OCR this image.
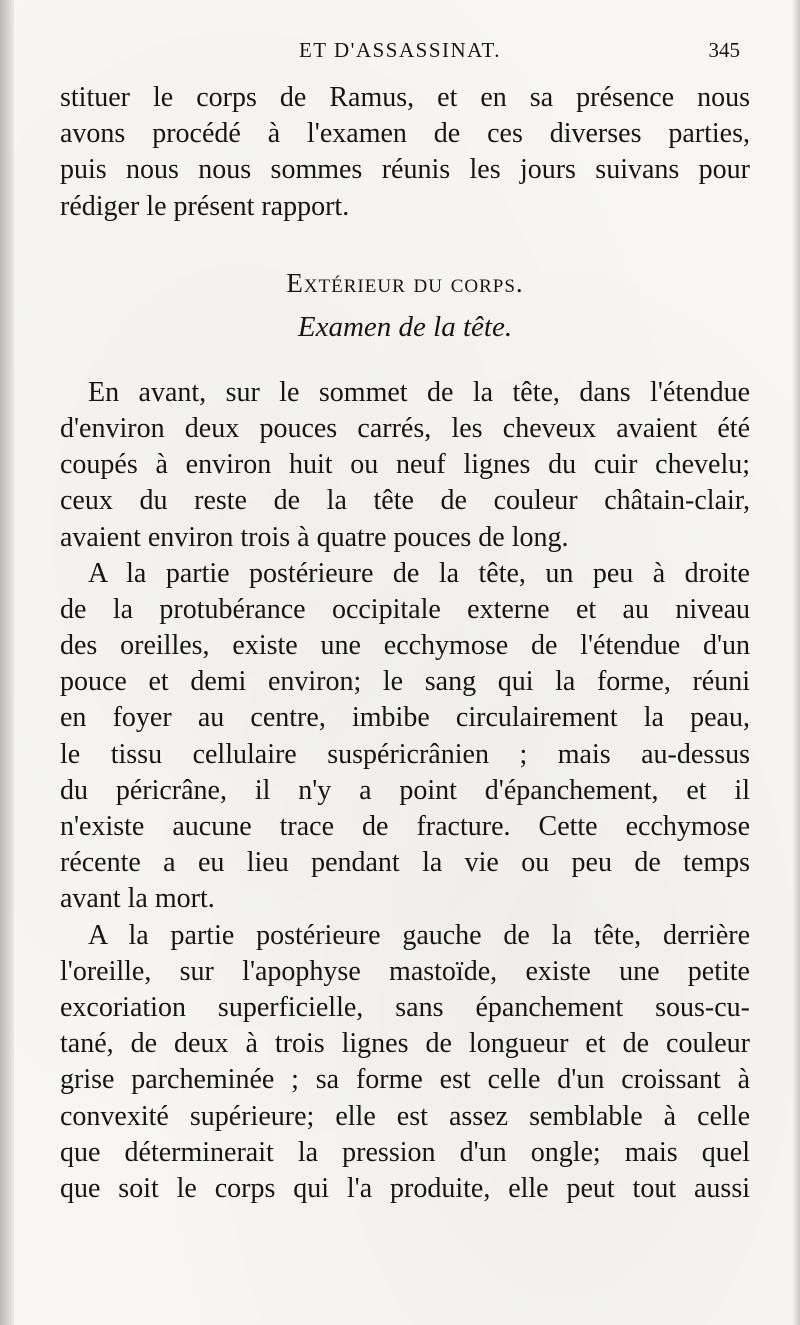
ET D'ASSASSINAT.	345
stituer le corps de Ramus, et en sa présence nous
avons procédé à l'examen de ces diverses parties,
puis nous nous sommes réunis les jours suivans pour
rédiger le présent rapport.
Extérieur du corps.
Examen de la tête.
En avant, sur le sommet de la tête, dans l'étendue
d'environ deux pouces carrés, les cheveux avaient été
coupés à environ huit ou neuf lignes du cuir chevelu;
ceux du reste de la tête de couleur châtain-clair,
avaient environ trois à quatre pouces de long.
A la partie postérieure de la tête, un peu à droite
de la protubérance occipitale externe et au niveau
des oreilles, existe une ecchymose de l'étendue d'un
pouce et demi environ; le sang qui la forme, réuni
en foyer au centre, imbibe circulairement la peau,
le tissu cellulaire suspéricrânien ; mais au-dessus
du péricrâne, il n'y a point d'épanchement, et il
n'existe aucune trace de fracture. Cette ecchymose
récente a eu lieu pendant la vie ou peu de temps
avant la mort.
A la partie postérieure gauche de la tête, derrière
l'oreille, sur l'apophyse mastoïde, existe une petite
excoriation superficielle, sans épanchement sous-cu-
tané, de deux à trois lignes de longueur et de couleur
grise parcheminée ; sa forme est celle d'un croissant à
convexité supérieure; elle est assez semblable à celle
que déterminerait la pression d'un ongle; mais quel
que soit le corps qui l'a produite, elle peut tout aussi
